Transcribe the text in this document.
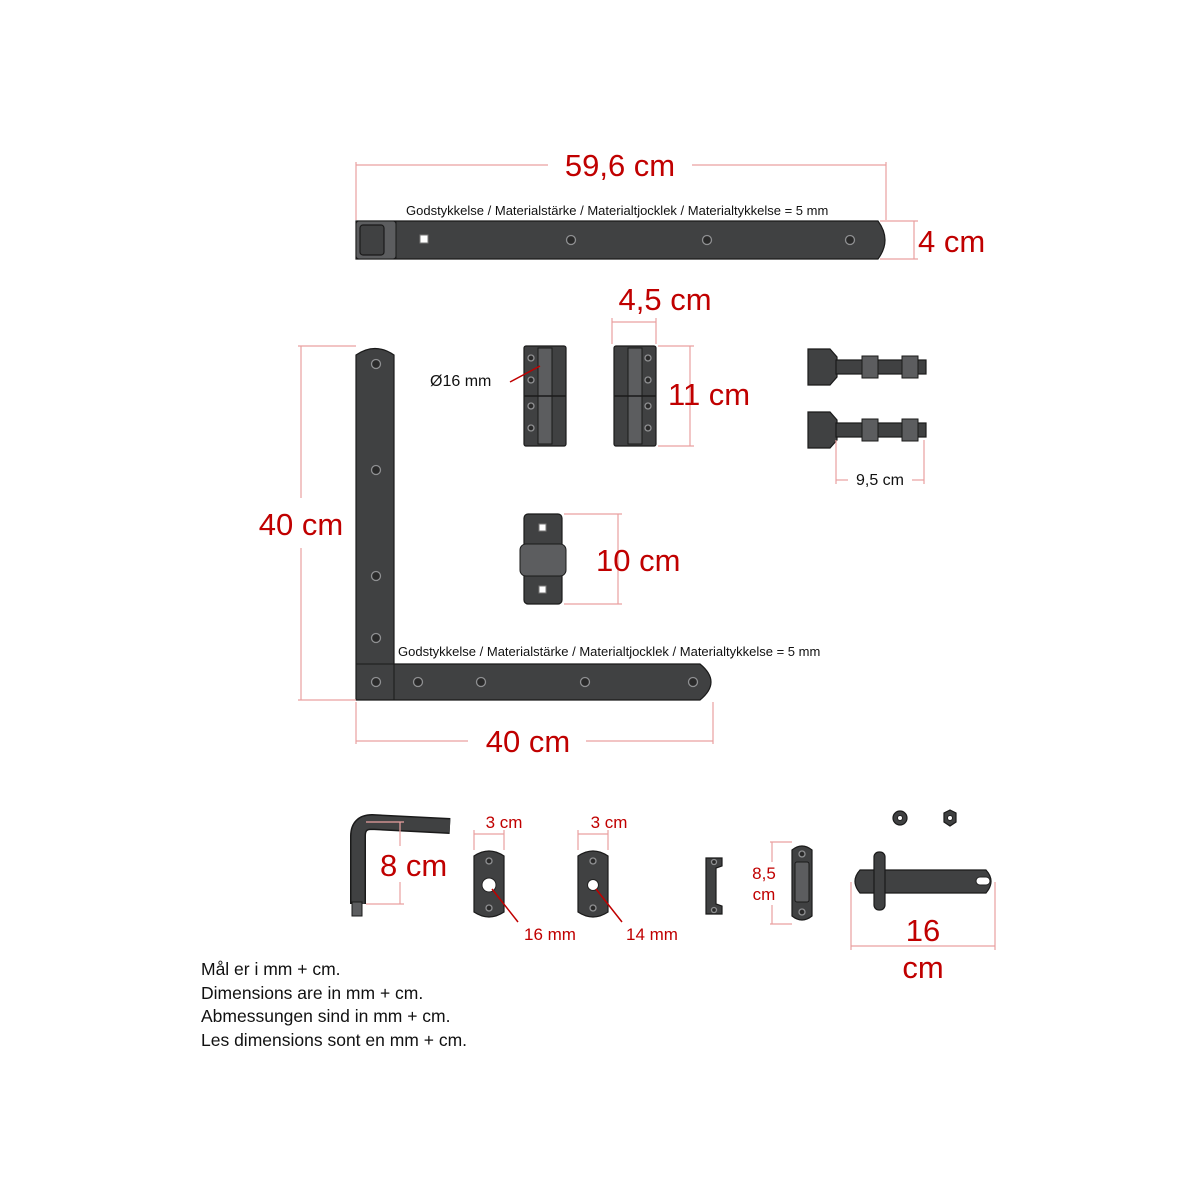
59,6 cm
Godstykkelse / Materialstärke / Materialtjocklek / Materialtykkelse = 5 mm
4 cm
Ø16 mm
4,5 cm
11 cm
9,5 cm
10 cm
Godstykkelse / Materialstärke / Materialtjocklek / Materialtykkelse = 5 mm
40 cm
40 cm
8 cm
3 cm
16 mm
3 cm
14 mm
8,5
cm
16
cm
Mål er i mm + cm.
Dimensions are in mm + cm.
Abmessungen sind in mm + cm.
Les dimensions sont en mm + cm.
